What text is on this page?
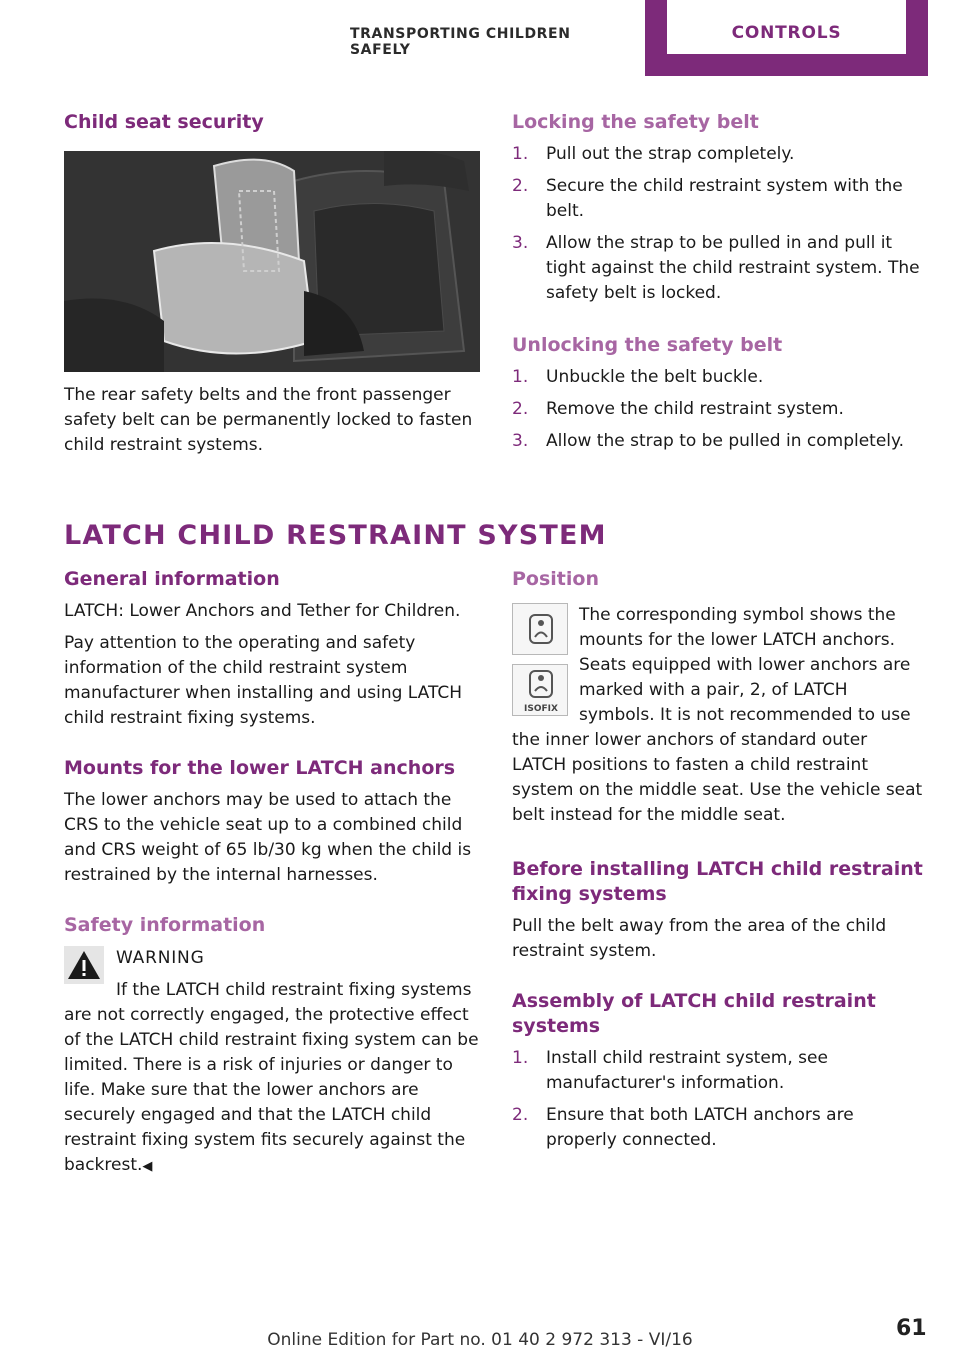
TRANSPORTING CHILDREN SAFELY
CONTROLS
Child seat security

The rear safety belts and the front passenger safety belt can be permanently locked to fasten child restraint systems.

Locking the safety belt
1. Pull out the strap completely.
2. Secure the child restraint system with the belt.
3. Allow the strap to be pulled in and pull it tight against the child restraint system. The safety belt is locked.
Unlocking the safety belt
1. Unbuckle the belt buckle.
2. Remove the child restraint system.
3. Allow the strap to be pulled in completely.
LATCH CHILD RESTRAINT SYSTEM
General information

LATCH: Lower Anchors and Tether for Children.

Pay attention to the operating and safety information of the child restraint system manufacturer when installing and using LATCH child restraint fixing systems.

Mounts for the lower LATCH anchors

The lower anchors may be used to attach the CRS to the vehicle seat up to a combined child and CRS weight of 65 lb/30 kg when the child is restrained by the internal harnesses.

Safety information
WARNING

If the LATCH child restraint fixing systems are not correctly engaged, the protective effect of the LATCH child restraint fixing system can be limited. There is a risk of injuries or danger to life. Make sure that the lower anchors are securely engaged and that the LATCH child restraint fixing system fits securely against the backrest.◀

Position
ISOFIX

The corresponding symbol shows the mounts for the lower LATCH anchors. Seats equipped with lower anchors are marked with a pair, 2, of LATCH symbols. It is not recommended to use the inner lower anchors of standard outer LATCH positions to fasten a child restraint system on the middle seat. Use the vehicle seat belt instead for the middle seat.

Before installing LATCH child restraint fixing systems

Pull the belt away from the area of the child restraint system.

Assembly of LATCH child restraint systems
1. Install child restraint system, see manufacturer's information.
2. Ensure that both LATCH anchors are properly connected.
61
Online Edition for Part no. 01 40 2 972 313 - VI/16
